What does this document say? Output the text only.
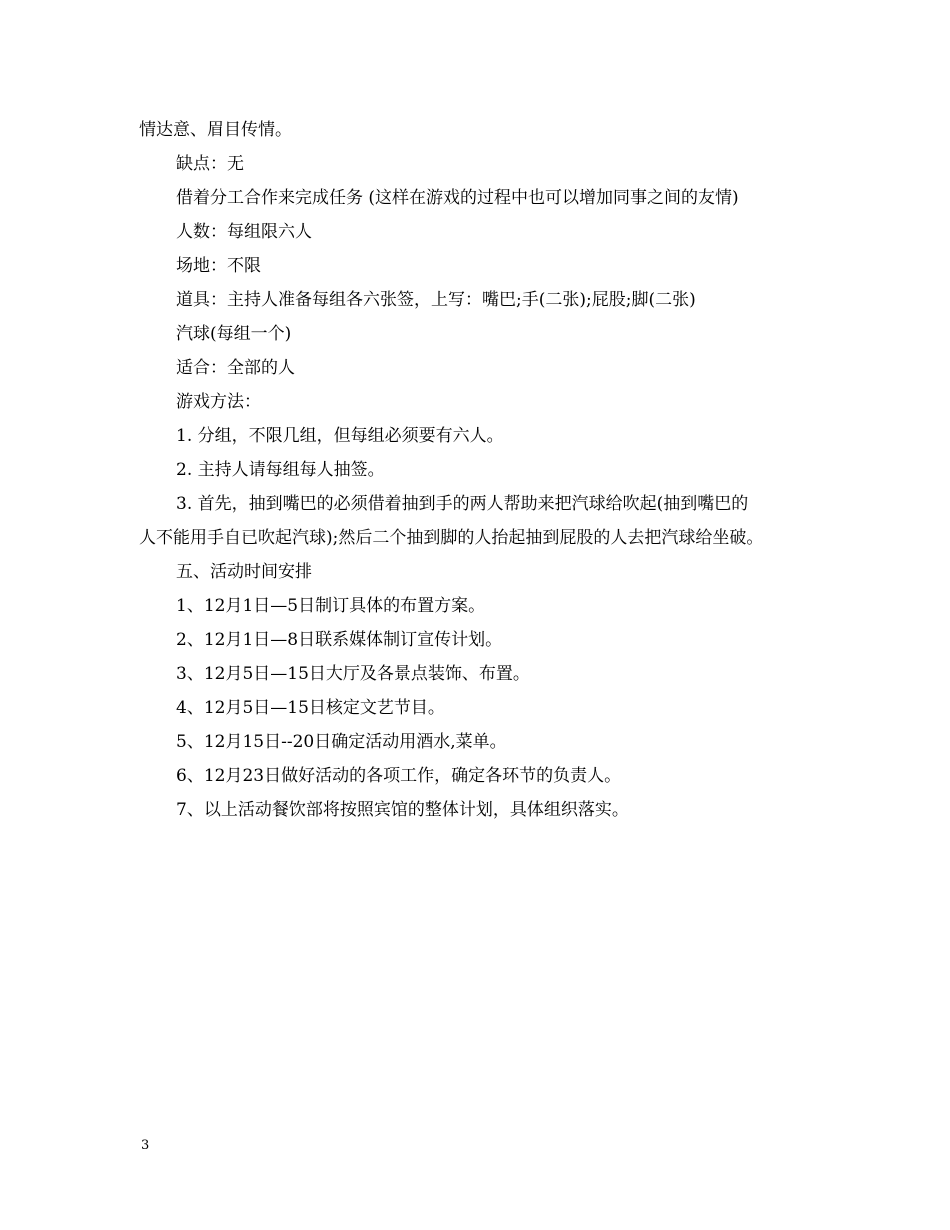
情达意、眉目传情。
缺点：无
借着分工合作来完成任务 (这样在游戏的过程中也可以增加同事之间的友情)
人数：每组限六人
场地：不限
道具：主持人准备每组各六张签，上写：嘴巴;手(二张);屁股;脚(二张)
汽球(每组一个)
适合：全部的人
游戏方法：
1. 分组，不限几组，但每组必须要有六人。
2. 主持人请每组每人抽签。
3. 首先，抽到嘴巴的必须借着抽到手的两人帮助来把汽球给吹起(抽到嘴巴的
人不能用手自已吹起汽球);然后二个抽到脚的人抬起抽到屁股的人去把汽球给坐破。
五、活动时间安排
1、12月1日—5日制订具体的布置方案。
2、12月1日—8日联系媒体制订宣传计划。
3、12月5日—15日大厅及各景点装饰、布置。
4、12月5日—15日核定文艺节目。
5、12月15日--20日确定活动用酒水,菜单。
6、12月23日做好活动的各项工作，确定各环节的负责人。
7、以上活动餐饮部将按照宾馆的整体计划，具体组织落实。
3
